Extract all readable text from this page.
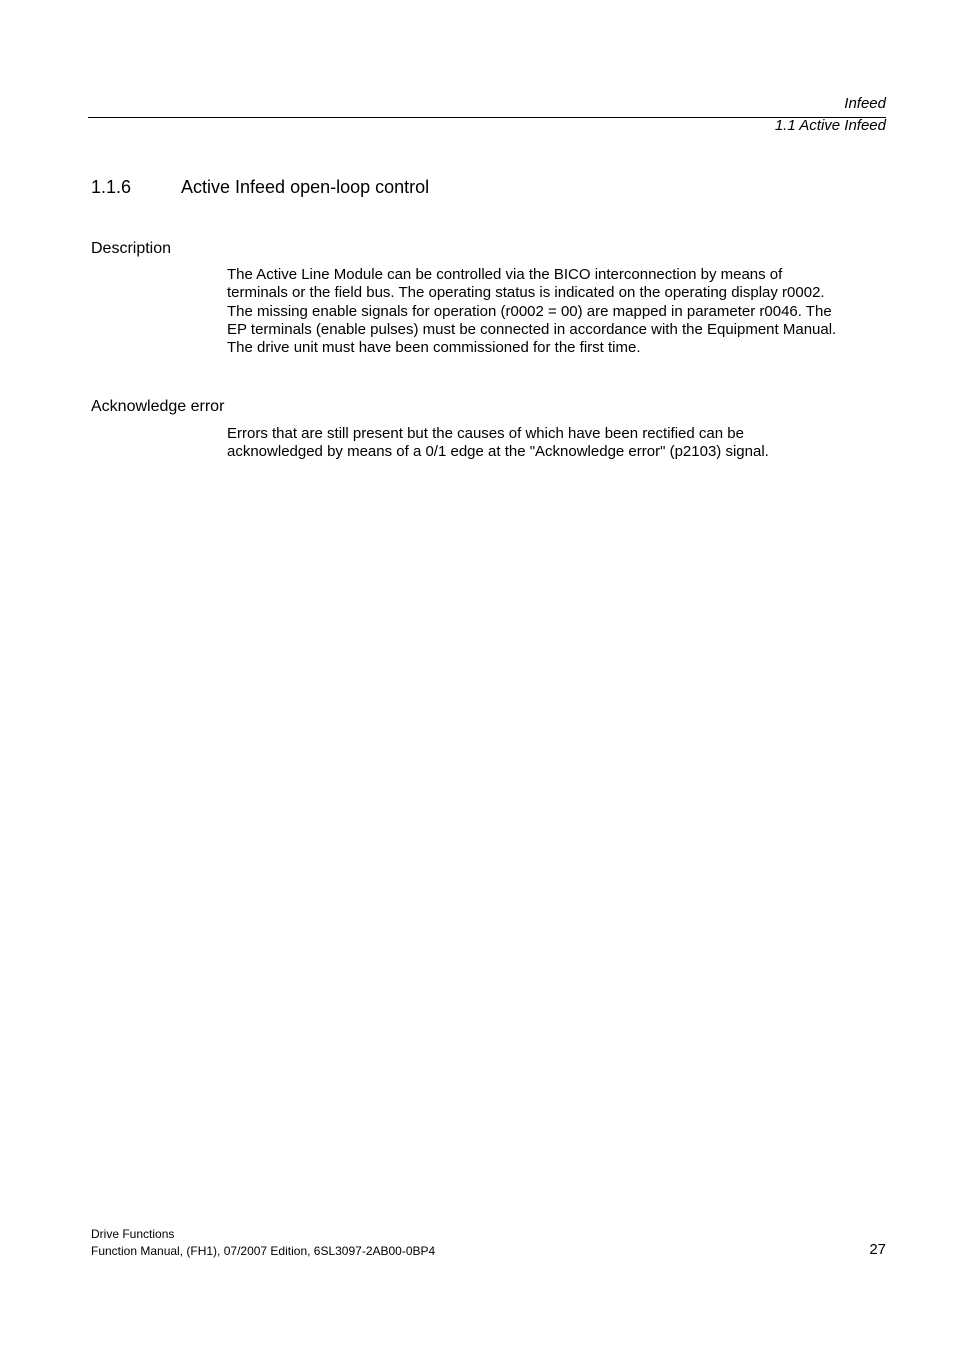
Infeed
1.1 Active Infeed
1.1.6	Active Infeed open-loop control
Description

The Active Line Module can be controlled via the BICO interconnection by means of
terminals or the field bus. The operating status is indicated on the operating display r0002.
The missing enable signals for operation (r0002 = 00) are mapped in parameter r0046. The
EP terminals (enable pulses) must be connected in accordance with the Equipment Manual.
The drive unit must have been commissioned for the first time.

Acknowledge error

Errors that are still present but the causes of which have been rectified can be
acknowledged by means of a 0/1 edge at the "Acknowledge error" (p2103) signal.

Drive Functions
Function Manual, (FH1), 07/2007 Edition, 6SL3097-2AB00-0BP4	27
